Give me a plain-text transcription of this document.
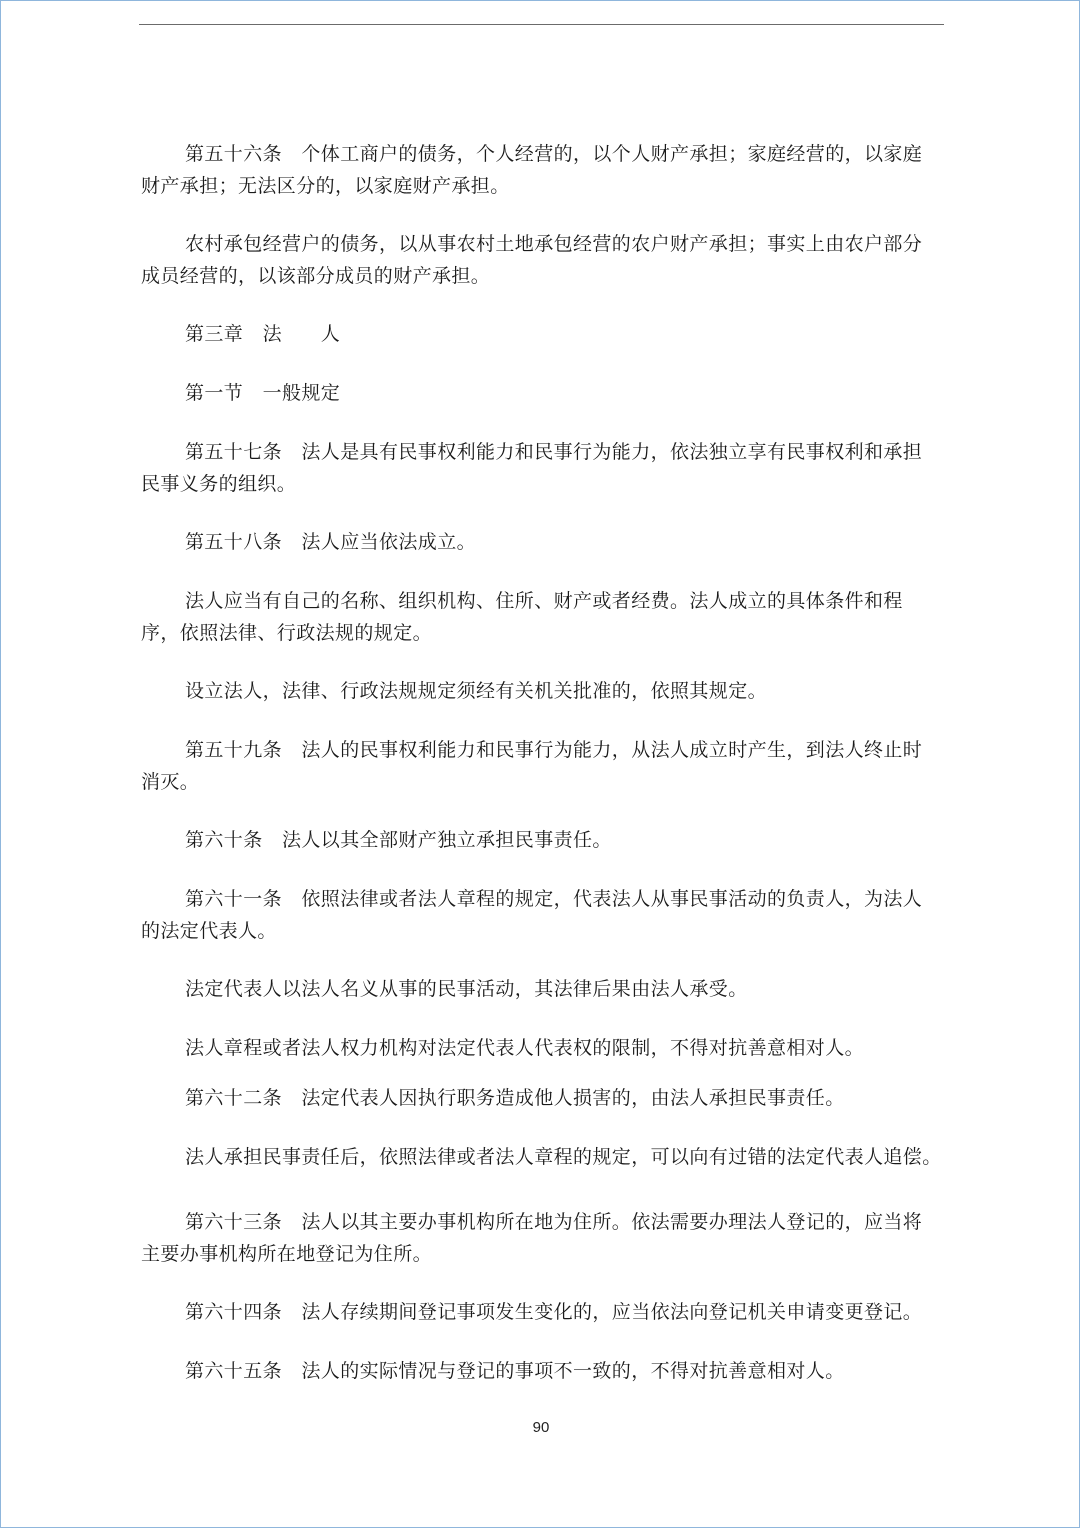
第五十六条　个体工商户的债务，个人经营的，以个人财产承担；家庭经营的，以家庭财产承担；无法区分的，以家庭财产承担。

农村承包经营户的债务，以从事农村土地承包经营的农户财产承担；事实上由农户部分成员经营的，以该部分成员的财产承担。

第三章　法　　人

第一节　一般规定

第五十七条　法人是具有民事权利能力和民事行为能力，依法独立享有民事权利和承担民事义务的组织。

第五十八条　法人应当依法成立。

法人应当有自己的名称、组织机构、住所、财产或者经费。法人成立的具体条件和程序，依照法律、行政法规的规定。

设立法人，法律、行政法规规定须经有关机关批准的，依照其规定。

第五十九条　法人的民事权利能力和民事行为能力，从法人成立时产生，到法人终止时消灭。

第六十条　法人以其全部财产独立承担民事责任。

第六十一条　依照法律或者法人章程的规定，代表法人从事民事活动的负责人，为法人的法定代表人。

法定代表人以法人名义从事的民事活动，其法律后果由法人承受。

法人章程或者法人权力机构对法定代表人代表权的限制，不得对抗善意相对人。

第六十二条　法定代表人因执行职务造成他人损害的，由法人承担民事责任。

法人承担民事责任后，依照法律或者法人章程的规定，可以向有过错的法定代表人追偿。

第六十三条　法人以其主要办事机构所在地为住所。依法需要办理法人登记的，应当将主要办事机构所在地登记为住所。

第六十四条　法人存续期间登记事项发生变化的，应当依法向登记机关申请变更登记。

第六十五条　法人的实际情况与登记的事项不一致的，不得对抗善意相对人。

90
